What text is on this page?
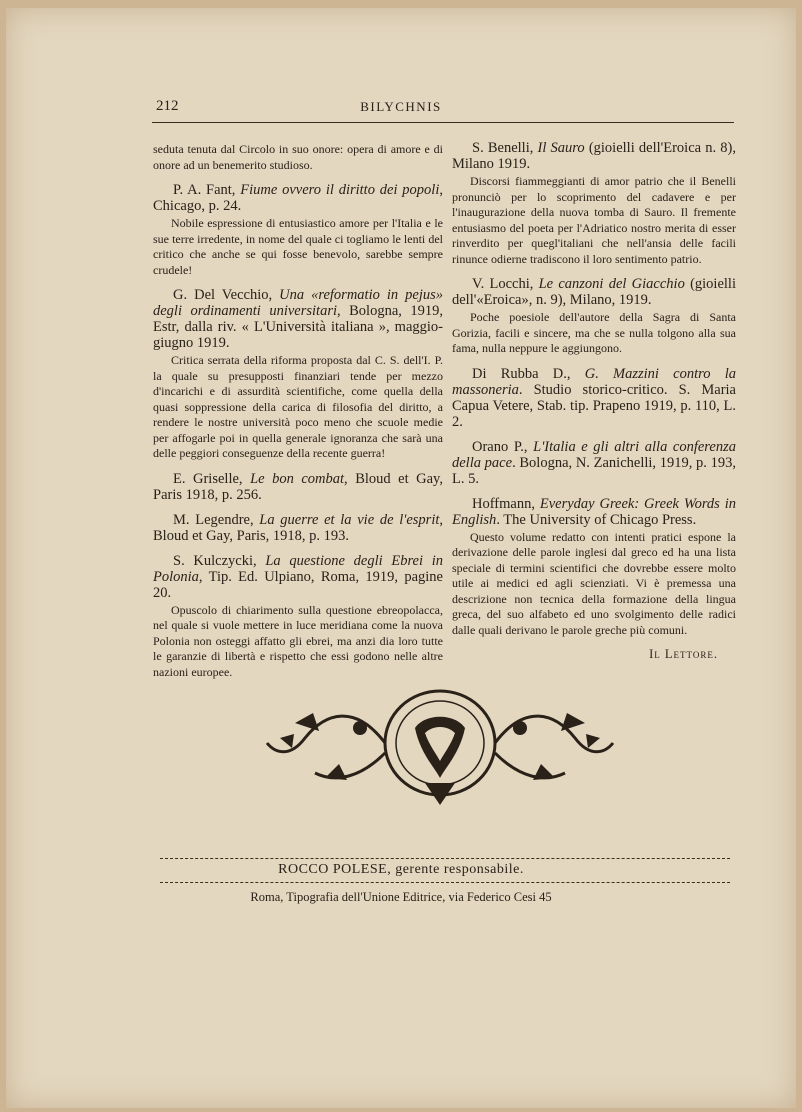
212	BILYCHNIS
seduta tenuta dal Circolo in suo onore: opera di amore e di onore ad un benemerito studioso.
P. A. Fant, Fiume ovvero il diritto dei popoli, Chicago, p. 24.
Nobile espressione di entusiastico amore per l'Italia e le sue terre irredente, in nome del quale ci togliamo le lenti del critico che anche se qui fosse benevolo, sarebbe sempre crudele!
G. Del Vecchio, Una «reformatio in pejus» degli ordinamenti universitari, Bologna, 1919, Estr, dalla riv. « L'Università italiana », maggio-giugno 1919.
Critica serrata della riforma proposta dal C. S. dell'I. P. la quale su presupposti finanziari tende per mezzo d'incarichi e di assurdità scientifiche, come quella della quasi soppressione della carica di filosofia del diritto, a rendere le nostre università poco meno che scuole medie per affogarle poi in quella generale ignoranza che sarà una delle peggiori conseguenze della recente guerra!
E. Griselle, Le bon combat, Bloud et Gay, Paris 1918, p. 256.
M. Legendre, La guerre et la vie de l'esprit, Bloud et Gay, Paris, 1918, p. 193.
S. Kulczycki, La questione degli Ebrei in Polonia, Tip. Ed. Ulpiano, Roma, 1919, pagine 20.
Opuscolo di chiarimento sulla questione ebreopolacca, nel quale si vuole mettere in luce meridiana come la nuova Polonia non osteggi affatto gli ebrei, ma anzi dia loro tutte le garanzie di libertà e rispetto che essi godono nelle altre nazioni europee.
S. Benelli, Il Sauro (gioielli dell'Eroica n. 8), Milano 1919.
Discorsi fiammeggianti di amor patrio che il Benelli pronunciò per lo scoprimento del cadavere e per l'inaugurazione della nuova tomba di Sauro. Il fremente entusiasmo del poeta per l'Adriatico nostro merita di esser rinverdito per quegl'italiani che nell'ansia delle facili rinunce odierne tradiscono il loro sentimento patrio.
V. Locchi, Le canzoni del Giacchio (gioielli dell'«Eroica», n. 9), Milano, 1919.
Poche poesiole dell'autore della Sagra di Santa Gorizia, facili e sincere, ma che se nulla tolgono alla sua fama, nulla neppure le aggiungono.
Di Rubba D., G. Mazzini contro la massoneria. Studio storico-critico. S. Maria Capua Vetere, Stab. tip. Prapeno 1919, p. 110, L. 2.
Orano P., L'Italia e gli altri alla conferenza della pace. Bologna, N. Zanichelli, 1919, p. 193, L. 5.
Hoffmann, Everyday Greek: Greek Words in English. The University of Chicago Press.
Questo volume redatto con intenti pratici espone la derivazione delle parole inglesi dal greco ed ha una lista speciale di termini scientifici che dovrebbe essere molto utile ai medici ed agli scienziati. Vi è premessa una descrizione non tecnica della formazione della lingua greca, del suo alfabeto ed uno svolgimento delle radici dalle quali derivano le parole greche più comuni.
Il Lettore.
ROCCO POLESE, gerente responsabile.
Roma, Tipografia dell'Unione Editrice, via Federico Cesi 45
